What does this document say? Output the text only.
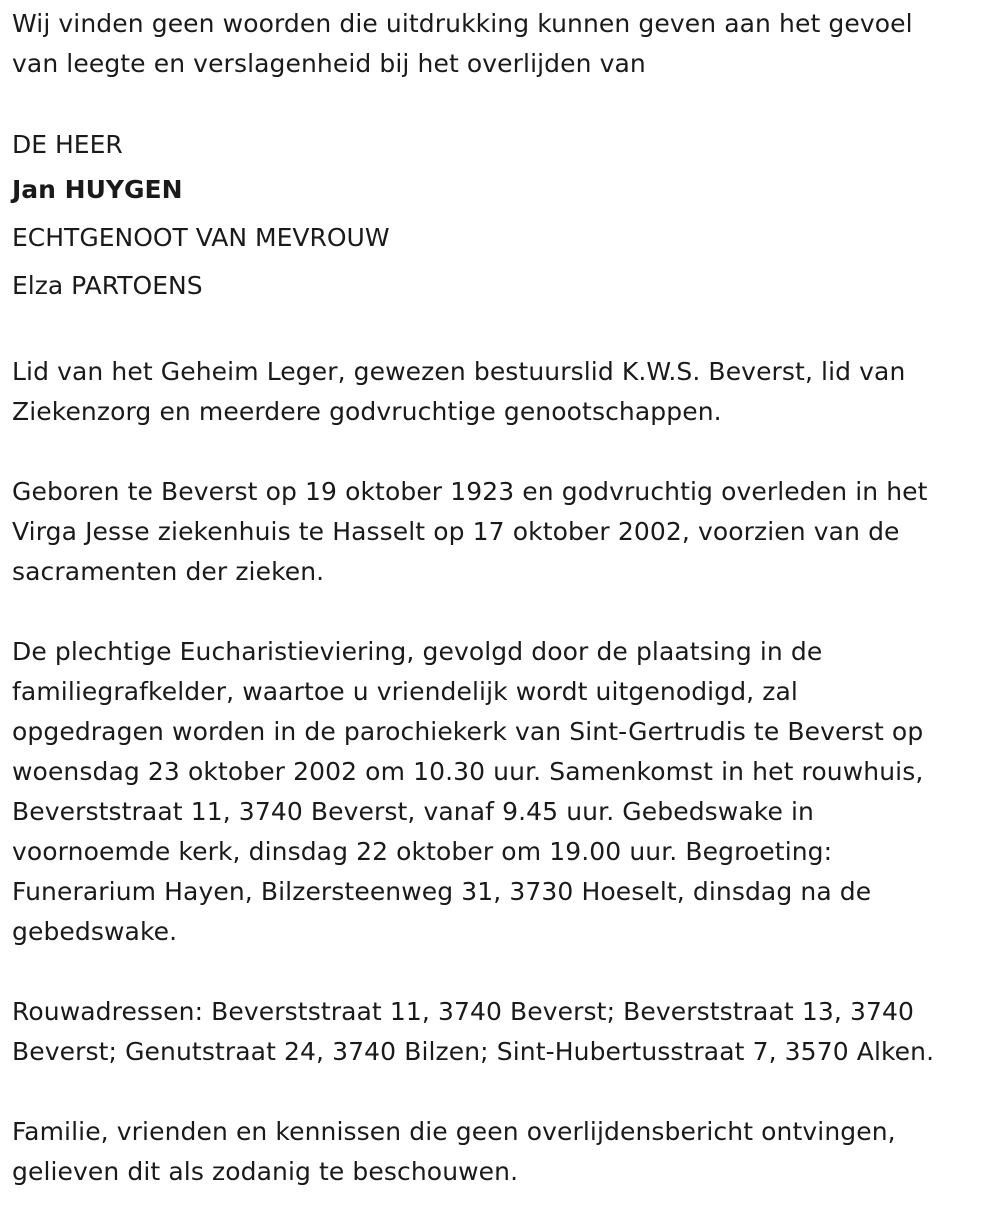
Wij vinden geen woorden die uitdrukking kunnen geven aan het gevoel

van leegte en verslagenheid bij het overlijden van

DE HEER

Jan HUYGEN

ECHTGENOOT VAN MEVROUW

Elza PARTOENS

Lid van het Geheim Leger, gewezen bestuurslid K.W.S. Beverst, lid van

Ziekenzorg en meerdere godvruchtige genootschappen.

Geboren te Beverst op 19 oktober 1923 en godvruchtig overleden in het

Virga Jesse ziekenhuis te Hasselt op 17 oktober 2002, voorzien van de

sacramenten der zieken.

De plechtige Eucharistieviering, gevolgd door de plaatsing in de

familiegrafkelder, waartoe u vriendelijk wordt uitgenodigd, zal

opgedragen worden in de parochiekerk van Sint-Gertrudis te Beverst op

woensdag 23 oktober 2002 om 10.30 uur. Samenkomst in het rouwhuis,

Beverststraat 11, 3740 Beverst, vanaf 9.45 uur. Gebedswake in

voornoemde kerk, dinsdag 22 oktober om 19.00 uur. Begroeting:

Funerarium Hayen, Bilzersteenweg 31, 3730 Hoeselt, dinsdag na de

gebedswake.

Rouwadressen: Beverststraat 11, 3740 Beverst; Beverststraat 13, 3740

Beverst; Genutstraat 24, 3740 Bilzen; Sint-Hubertusstraat 7, 3570 Alken.

Familie, vrienden en kennissen die geen overlijdensbericht ontvingen,

gelieven dit als zodanig te beschouwen.
